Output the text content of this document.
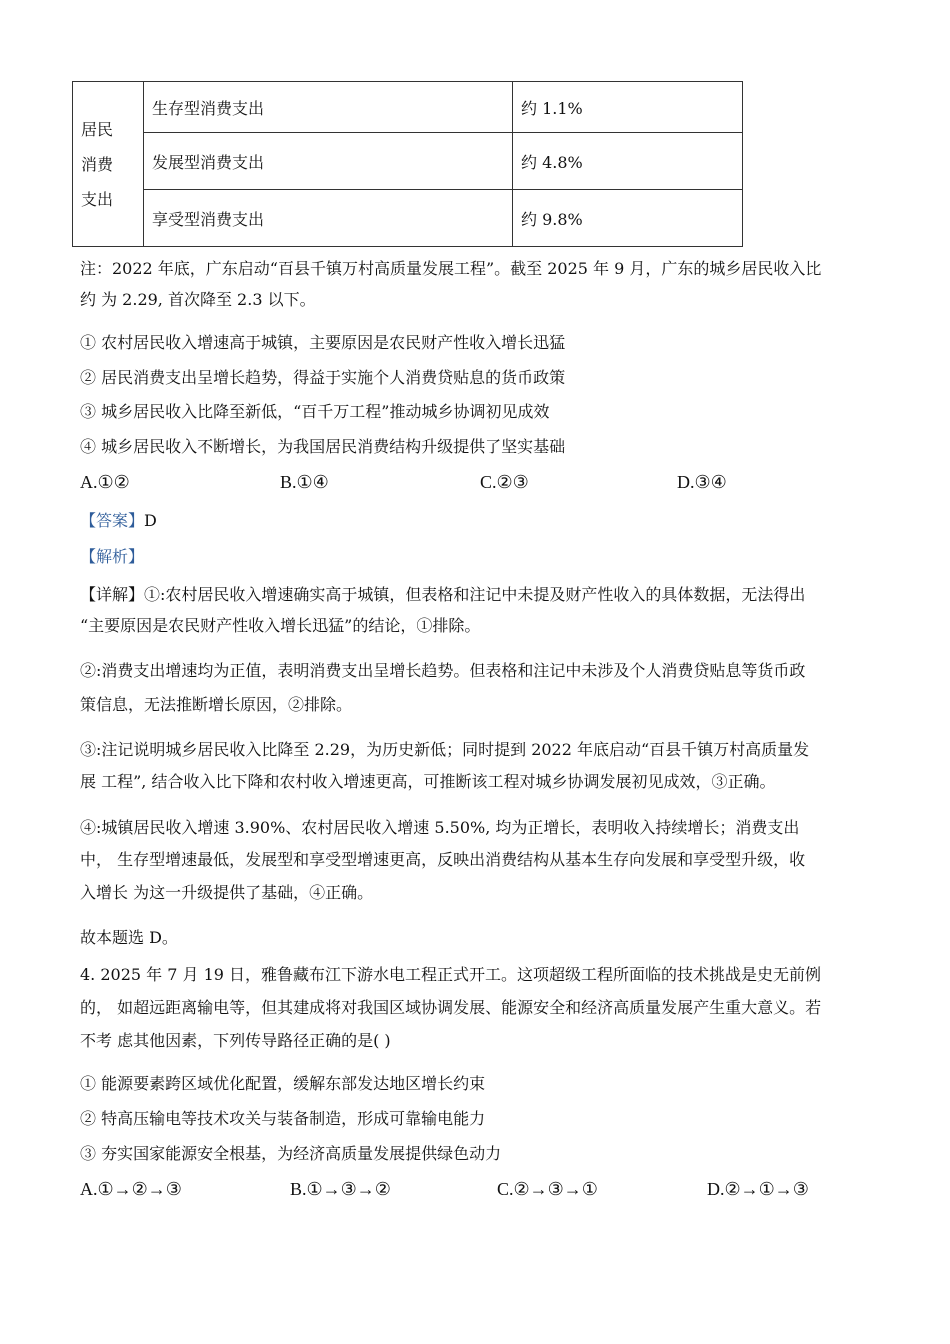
居民
消费
支出	生存型消费支出	约 1.1%
	发展型消费支出	约 4.8%
	享受型消费支出	约 9.8%
注：2022 年底，广东启动“百县千镇万村高质量发展工程”。截至 2025 年 9 月，广东的城乡居民收入比
约 为 2.29, 首次降至 2.3 以下。
① 农村居民收入增速高于城镇，主要原因是农民财产性收入增长迅猛
② 居民消费支出呈增长趋势，得益于实施个人消费贷贴息的货币政策
③ 城乡居民收入比降至新低，“百千万工程”推动城乡协调初见成效
④ 城乡居民收入不断增长，为我国居民消费结构升级提供了坚实基础
A.①②	B.①④	C.②③	D.③④
【答案】D
【解析】
【详解】①:农村居民收入增速确实高于城镇，但表格和注记中未提及财产性收入的具体数据，无法得出
“主要原因是农民财产性收入增长迅猛”的结论，①排除。
②:消费支出增速均为正值，表明消费支出呈增长趋势。但表格和注记中未涉及个人消费贷贴息等货币政
策信息，无法推断增长原因，②排除。
③:注记说明城乡居民收入比降至 2.29，为历史新低；同时提到 2022 年底启动“百县千镇万村高质量发
展 工程”, 结合收入比下降和农村收入增速更高，可推断该工程对城乡协调发展初见成效，③正确。
④:城镇居民收入增速 3.90%、农村居民收入增速 5.50%, 均为正增长，表明收入持续增长；消费支出
中， 生存型增速最低，发展型和享受型增速更高，反映出消费结构从基本生存向发展和享受型升级，收
入增长 为这一升级提供了基础，④正确。
故本题选 D。
4. 2025 年 7 月 19 日，雅鲁藏布江下游水电工程正式开工。这项超级工程所面临的技术挑战是史无前例
的， 如超远距离输电等，但其建成将对我国区域协调发展、能源安全和经济高质量发展产生重大意义。若
不考 虑其他因素，下列传导路径正确的是( )
① 能源要素跨区域优化配置，缓解东部发达地区增长约束
② 特高压输电等技术攻关与装备制造，形成可靠输电能力
③ 夯实国家能源安全根基，为经济高质量发展提供绿色动力
A.①→②→③	B.①→③→②	C.②→③→①	D.②→①→③
